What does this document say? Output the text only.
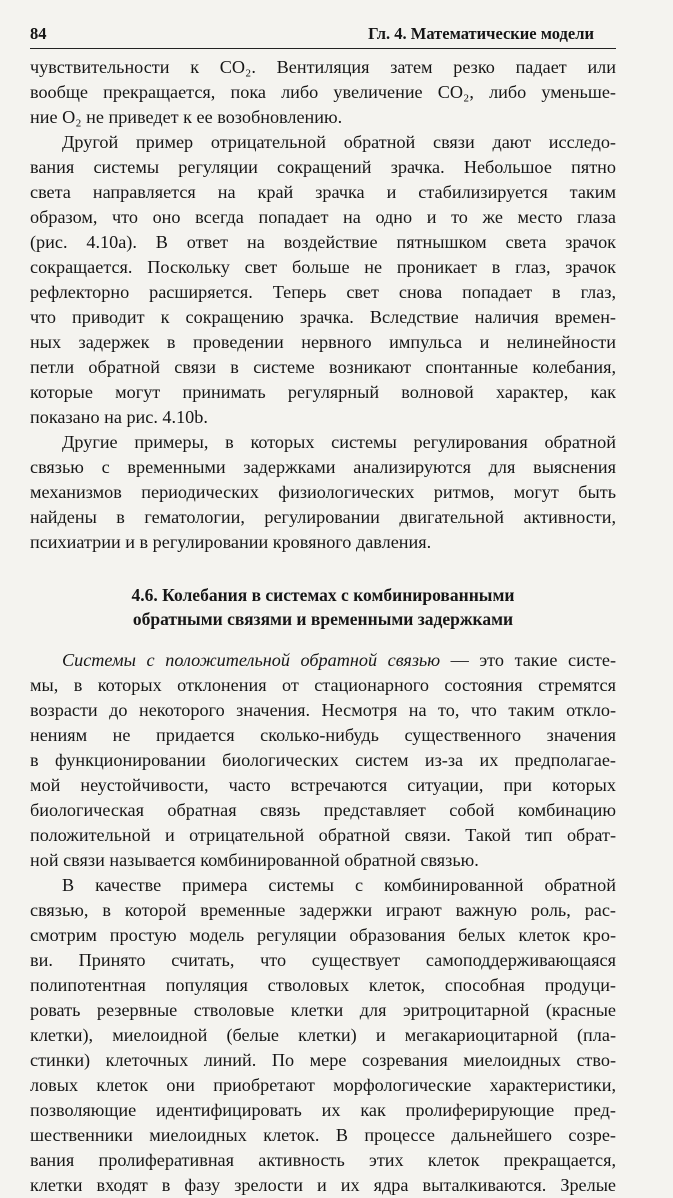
84	Гл. 4. Математические модели
чувствительности к CO₂. Вентиляция затем резко падает или
вообще прекращается, пока либо увеличение CO₂, либо уменьше-
ние O₂ не приведет к ее возобновлению.
Другой пример отрицательной обратной связи дают исследо-
вания системы регуляции сокращений зрачка. Небольшое пятно
света направляется на край зрачка и стабилизируется таким
образом, что оно всегда попадает на одно и то же место глаза
(рис. 4.10a). В ответ на воздействие пятнышком света зрачок
сокращается. Поскольку свет больше не проникает в глаз, зрачок
рефлекторно расширяется. Теперь свет снова попадает в глаз,
что приводит к сокращению зрачка. Вследствие наличия времен-
ных задержек в проведении нервного импульса и нелинейности
петли обратной связи в системе возникают спонтанные колебания,
которые могут принимать регулярный волновой характер, как
показано на рис. 4.10b.
Другие примеры, в которых системы регулирования обратной
связью с временными задержками анализируются для выяснения
механизмов периодических физиологических ритмов, могут быть
найдены в гематологии, регулировании двигательной активности,
психиатрии и в регулировании кровяного давления.
4.6. Колебания в системах с комбинированными
обратными связями и временными задержками
Системы с положительной обратной связью — это такие систе-
мы, в которых отклонения от стационарного состояния стремятся
возрасти до некоторого значения. Несмотря на то, что таким откло-
нениям не придается сколько-нибудь существенного значения
в функционировании биологических систем из-за их предполагае-
мой неустойчивости, часто встречаются ситуации, при которых
биологическая обратная связь представляет собой комбинацию
положительной и отрицательной обратной связи. Такой тип обрат-
ной связи называется комбинированной обратной связью.
В качестве примера системы с комбинированной обратной
связью, в которой временные задержки играют важную роль, рас-
смотрим простую модель регуляции образования белых клеток кро-
ви. Принято считать, что существует самоподдерживающаяся
полипотентная популяция стволовых клеток, способная продуци-
ровать резервные стволовые клетки для эритроцитарной (красные
клетки), миелоидной (белые клетки) и мегакариоцитарной (пла-
стинки) клеточных линий. По мере созревания миелоидных ство-
ловых клеток они приобретают морфологические характеристики,
позволяющие идентифицировать их как пролиферирующие пред-
шественники миелоидных клеток. В процессе дальнейшего созре-
вания пролиферативная активность этих клеток прекращается,
клетки входят в фазу зрелости и их ядра выталкиваются. Зрелые
